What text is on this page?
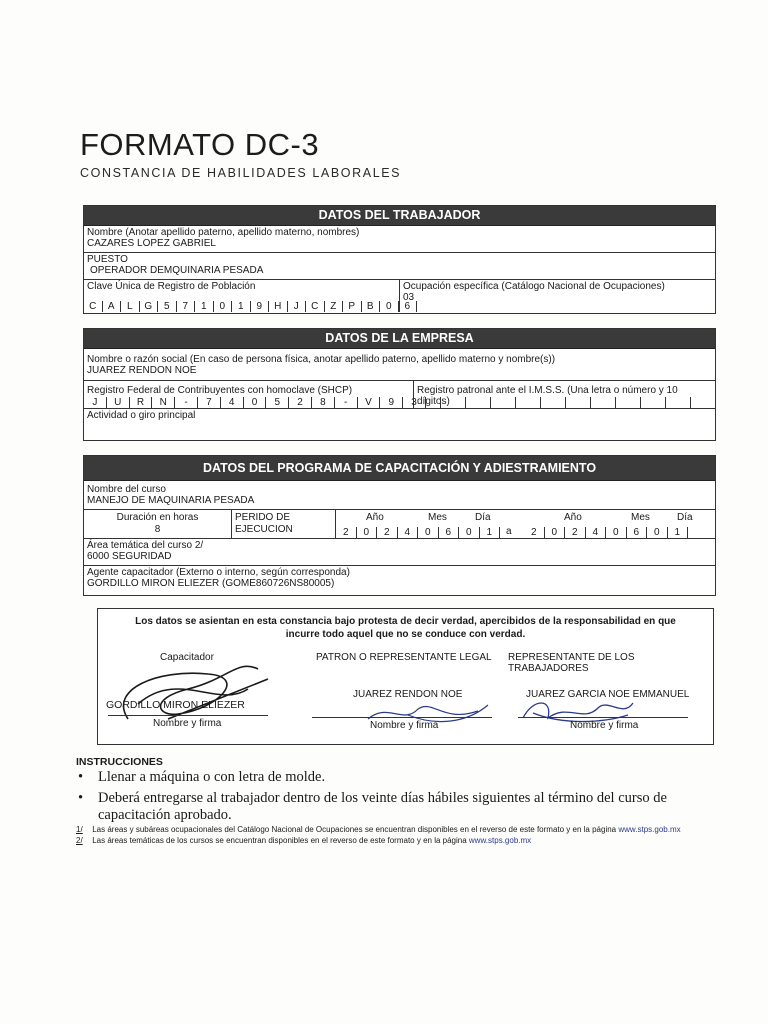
FORMATO DC-3
CONSTANCIA DE HABILIDADES LABORALES
DATOS DEL TRABAJADOR
Nombre (Anotar apellido paterno, apellido materno, nombres)
CAZARES LOPEZ GABRIEL
PUESTO
OPERADOR DEMQUINARIA PESADA
Clave Única de Registro de Población
C	A	L	G	5	7	1	0	1	9	H	J	C	Z	P	B	0	6
Ocupación específica (Catálogo Nacional de Ocupaciones)
03
DATOS DE LA EMPRESA
Nombre o razón social (En caso de persona física, anotar apellido paterno, apellido materno y nombre(s))
JUAREZ RENDON NOE
Registro Federal de Contribuyentes con homoclave (SHCP)
J	U	R	N	-	7	4	0	5	2	8	-	V	9	3
Registro patronal ante el I.M.S.S. (Una letra o número y 10 dígitos)
Actividad o giro principal
DATOS DEL PROGRAMA DE CAPACITACIÓN Y ADIESTRAMIENTO
Nombre del curso
MANEJO DE MAQUINARIA PESADA
Duración en horas
8
PERIDO DE
EJECUCION
Año	Mes	Día	Año	Mes	Día
2	0	2	4	0	6	0	1	a	2	0	2	4	0	6	0	1
Área temática del curso 2/
6000 SEGURIDAD
Agente capacitador (Externo o interno, según corresponda)
GORDILLO MIRON ELIEZER (GOME860726NS80005)
Los datos se asientan en esta constancia bajo protesta de decir verdad, apercibidos de la responsabilidad en que incurre todo aquel que no se conduce con verdad.
Capacitador
GORDILLO MIRON ELIEZER
Nombre y firma
PATRON O REPRESENTANTE LEGAL
JUAREZ RENDON NOE
Nombre y firma
REPRESENTANTE DE LOS TRABAJADORES
JUAREZ GARCIA NOE EMMANUEL
Nombre y firma
INSTRUCCIONES
• Llenar a máquina o con letra de molde.
• Deberá entregarse al trabajador dentro de los veinte días hábiles siguientes al término del curso de
capacitación aprobado.
1/ Las áreas y subáreas ocupacionales del Catálogo Nacional de Ocupaciones se encuentran disponibles en el reverso de este formato y en la página www.stps.gob.mx
2/ Las áreas temáticas de los cursos se encuentran disponibles en el reverso de este formato y en la página www.stps.gob.mx
